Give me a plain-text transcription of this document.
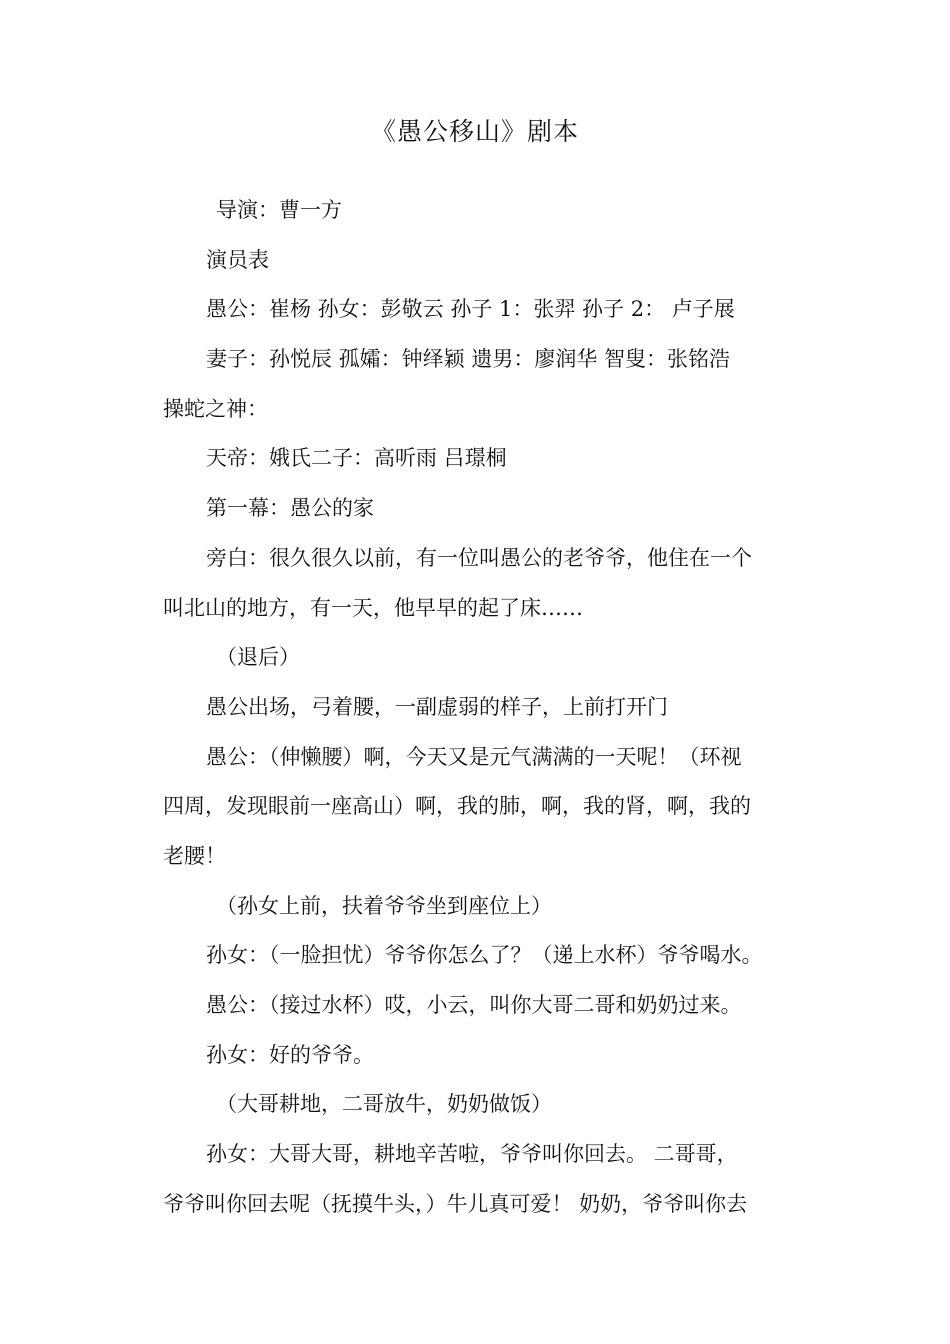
《愚公移山》剧本
导演：曹一方
演员表
愚公：崔杨 孙女：彭敬云 孙子 1：张羿 孙子 2： 卢子展
妻子：孙悦辰 孤孀：钟绎颖 遗男：廖润华 智叟：张铭浩
操蛇之神：
天帝：娥氏二子：高听雨 吕璟桐
第一幕：愚公的家
旁白：很久很久以前，有一位叫愚公的老爷爷，他住在一个
叫北山的地方，有一天，他早早的起了床……
（退后）
愚公出场，弓着腰，一副虚弱的样子，上前打开门
愚公：（伸懒腰）啊，今天又是元气满满的一天呢！（环视
四周，发现眼前一座高山）啊，我的肺，啊，我的肾，啊，我的
老腰！
（孙女上前，扶着爷爷坐到座位上）
孙女：（一脸担忧）爷爷你怎么了？（递上水杯）爷爷喝水。
愚公：（接过水杯）哎，小云，叫你大哥二哥和奶奶过来。
孙女：好的爷爷。
（大哥耕地，二哥放牛，奶奶做饭）
孙女：大哥大哥，耕地辛苦啦，爷爷叫你回去。 二哥哥，
爷爷叫你回去呢（抚摸牛头，）牛儿真可爱！ 奶奶，爷爷叫你去
